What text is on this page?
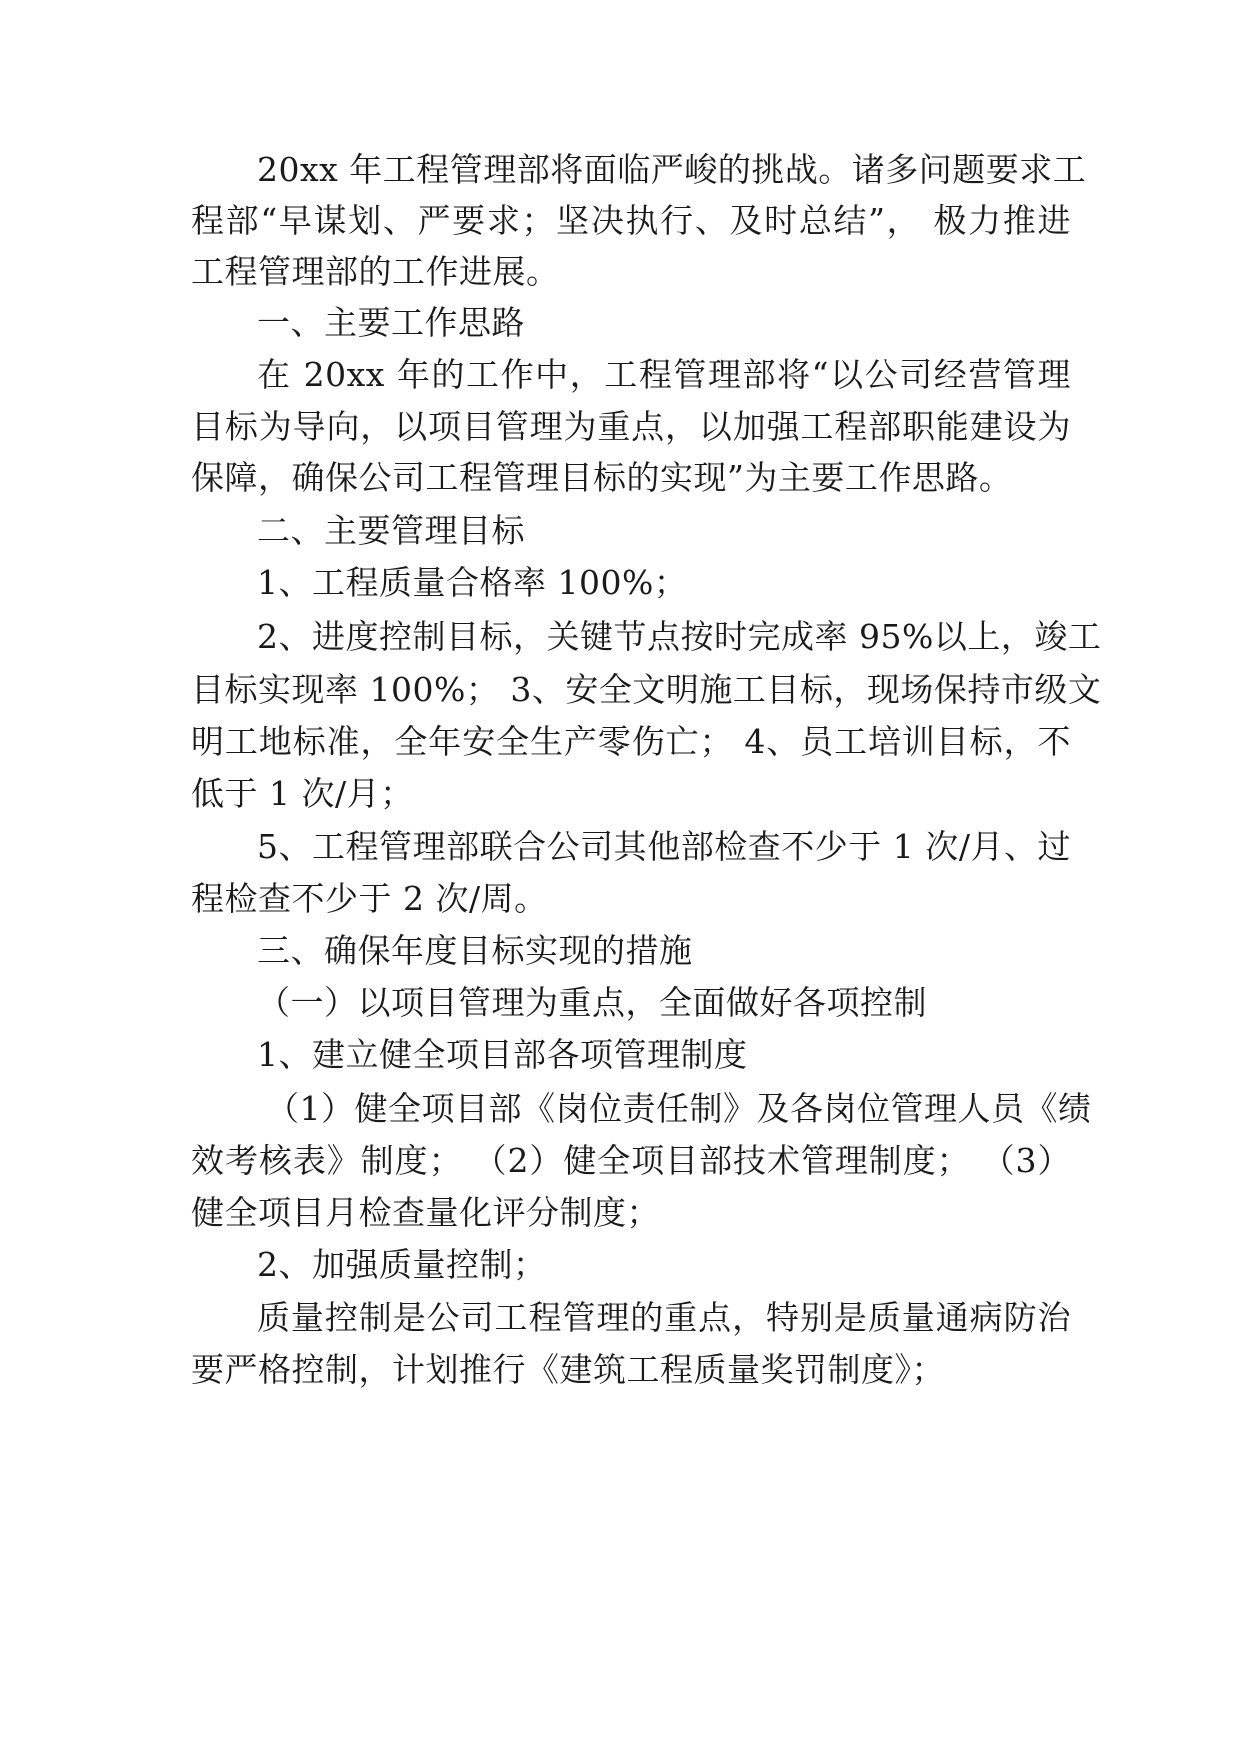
20xx 年工程管理部将面临严峻的挑战。诸多问题要求工

程部“早谋划、严要求；坚决执行、及时总结”， 极力推进

工程管理部的工作进展。

一、主要工作思路

在 20xx 年的工作中，工程管理部将“以公司经营管理

目标为导向，以项目管理为重点，以加强工程部职能建设为

保障，确保公司工程管理目标的实现”为主要工作思路。

二、主要管理目标

1、工程质量合格率 100%；

2、进度控制目标，关键节点按时完成率 95%以上，竣工

目标实现率 100%； 3、安全文明施工目标，现场保持市级文

明工地标准，全年安全生产零伤亡； 4、员工培训目标，不

低于 1 次/月；

5、工程管理部联合公司其他部检查不少于 1 次/月、过

程检查不少于 2 次/周。

三、确保年度目标实现的措施

（一）以项目管理为重点，全面做好各项控制

1、建立健全项目部各项管理制度

（1）健全项目部《岗位责任制》及各岗位管理人员《绩

效考核表》制度； （2）健全项目部技术管理制度； （3）

健全项目月检查量化评分制度；

2、加强质量控制；

质量控制是公司工程管理的重点，特别是质量通病防治

要严格控制，计划推行《建筑工程质量奖罚制度》；
